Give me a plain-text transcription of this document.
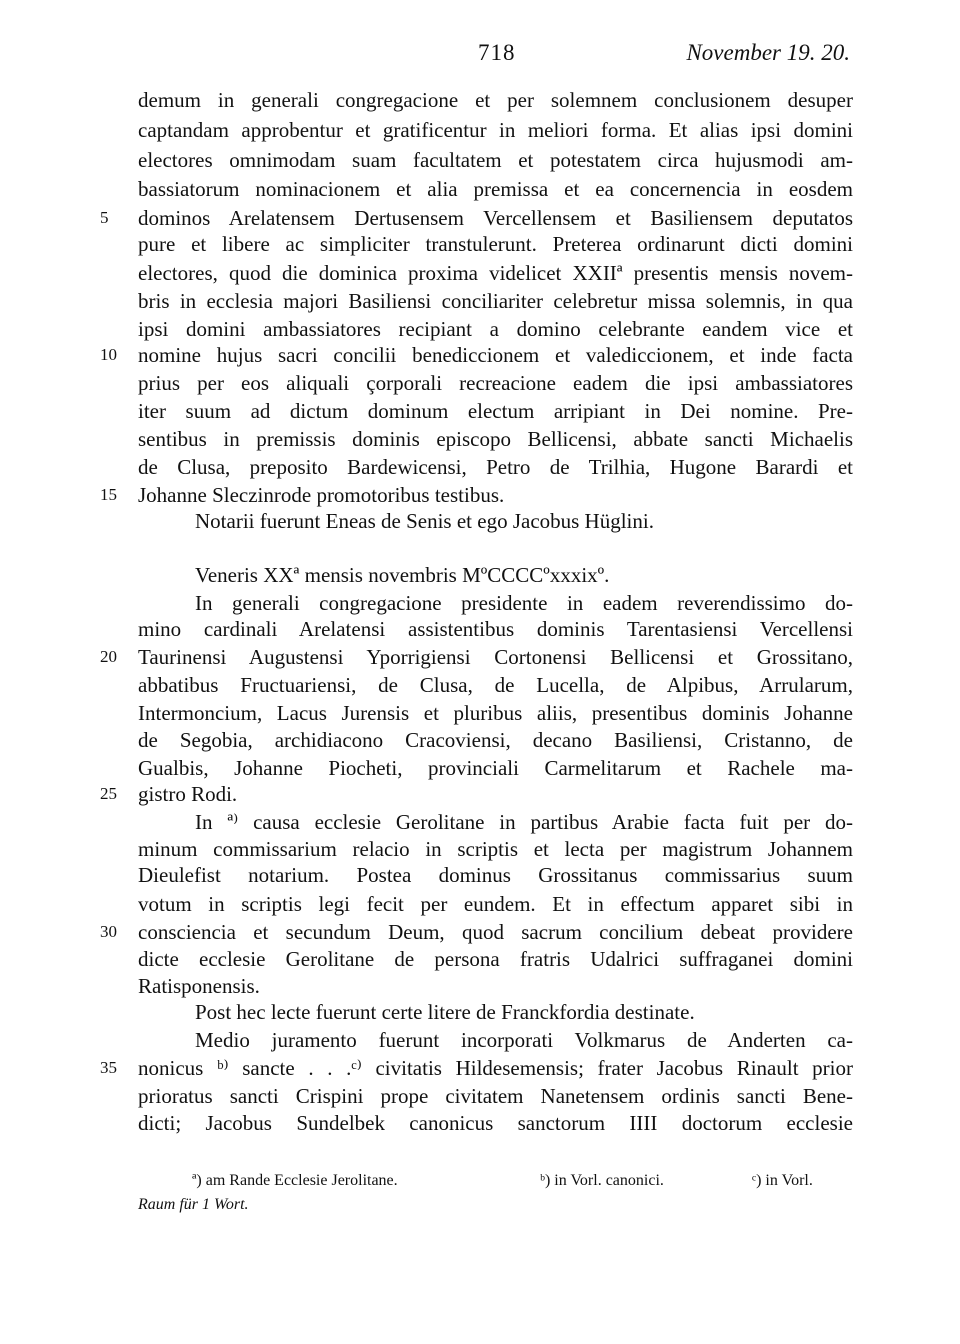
718	November 19. 20.
demum in generali congregacione et per solemnem conclusionem desuper
captandam approbentur et gratificentur in meliori forma. Et alias ipsi domini
electores omnimodam suam facultatem et potestatem circa hujusmodi am-
bassiatorum nominacionem et alia premissa et ea concernencia in eosdem
5	dominos Arelatensem Dertusensem Vercellensem et Basiliensem deputatos
pure et libere ac simpliciter transtulerunt. Preterea ordinarunt dicti domini
electores, quod die dominica proxima videlicet XXIIª presentis mensis novem-
bris in ecclesia majori Basiliensi conciliariter celebretur missa solemnis, in qua
ipsi domini ambassiatores recipiant a domino celebrante eandem vice et
10	nomine hujus sacri concilii benediccionem et valediccionem, et inde facta
prius per eos aliquali çorporali recreacione eadem die ipsi ambassiatores
iter suum ad dictum dominum electum arripiant in Dei nomine. Pre-
sentibus in premissis dominis episcopo Bellicensi, abbate sancti Michaelis
de Clusa, preposito Bardewicensi, Petro de Trilhia, Hugone Barardi et
15	Johanne Sleczinrode promotoribus testibus.
Notarii fuerunt Eneas de Senis et ego Jacobus Hüglini.
Veneris XXª mensis novembris MºCCCCºxxxixº.
In generali congregacione presidente in eadem reverendissimo do-
mino cardinali Arelatensi assistentibus dominis Tarentasiensi Vercellensi
20	Taurinensi Augustensi Yporrigiensi Cortonensi Bellicensi et Grossitano,
abbatibus Fructuariensi, de Clusa, de Lucella, de Alpibus, Arrularum,
Intermoncium, Lacus Jurensis et pluribus aliis, presentibus dominis Johanne
de Segobia, archidiacono Cracoviensi, decano Basiliensi, Cristanno, de
Gualbis, Johanne Piocheti, provinciali Carmelitarum et Rachele ma-
25	gistro Rodi.
In ª⁾ causa ecclesie Gerolitane in partibus Arabie facta fuit per do-
minum commissarium relacio in scriptis et lecta per magistrum Johannem
Dieulefist notarium. Postea dominus Grossitanus commissarius suum
votum in scriptis legi fecit per eundem. Et in effectum apparet sibi in
30	consciencia et secundum Deum, quod sacrum concilium debeat providere
dicte ecclesie Gerolitane de persona fratris Udalrici suffraganei domini
Ratisponensis.
Post hec lecte fuerunt certe litere de Franckfordia destinate.
Medio juramento fuerunt incorporati Volkmarus de Anderten ca-
35	nonicus ᵇ⁾ sancte . . .ᶜ⁾ civitatis Hildesemensis; frater Jacobus Rinault prior
prioratus sancti Crispini prope civitatem Nanetensem ordinis sancti Bene-
dicti; Jacobus Sundelbek canonicus sanctorum IIII doctorum ecclesie
ª) am Rande Ecclesie Jerolitane.	ᵇ) in Vorl. canonici.	ᶜ) in Vorl.
Raum für 1 Wort.
